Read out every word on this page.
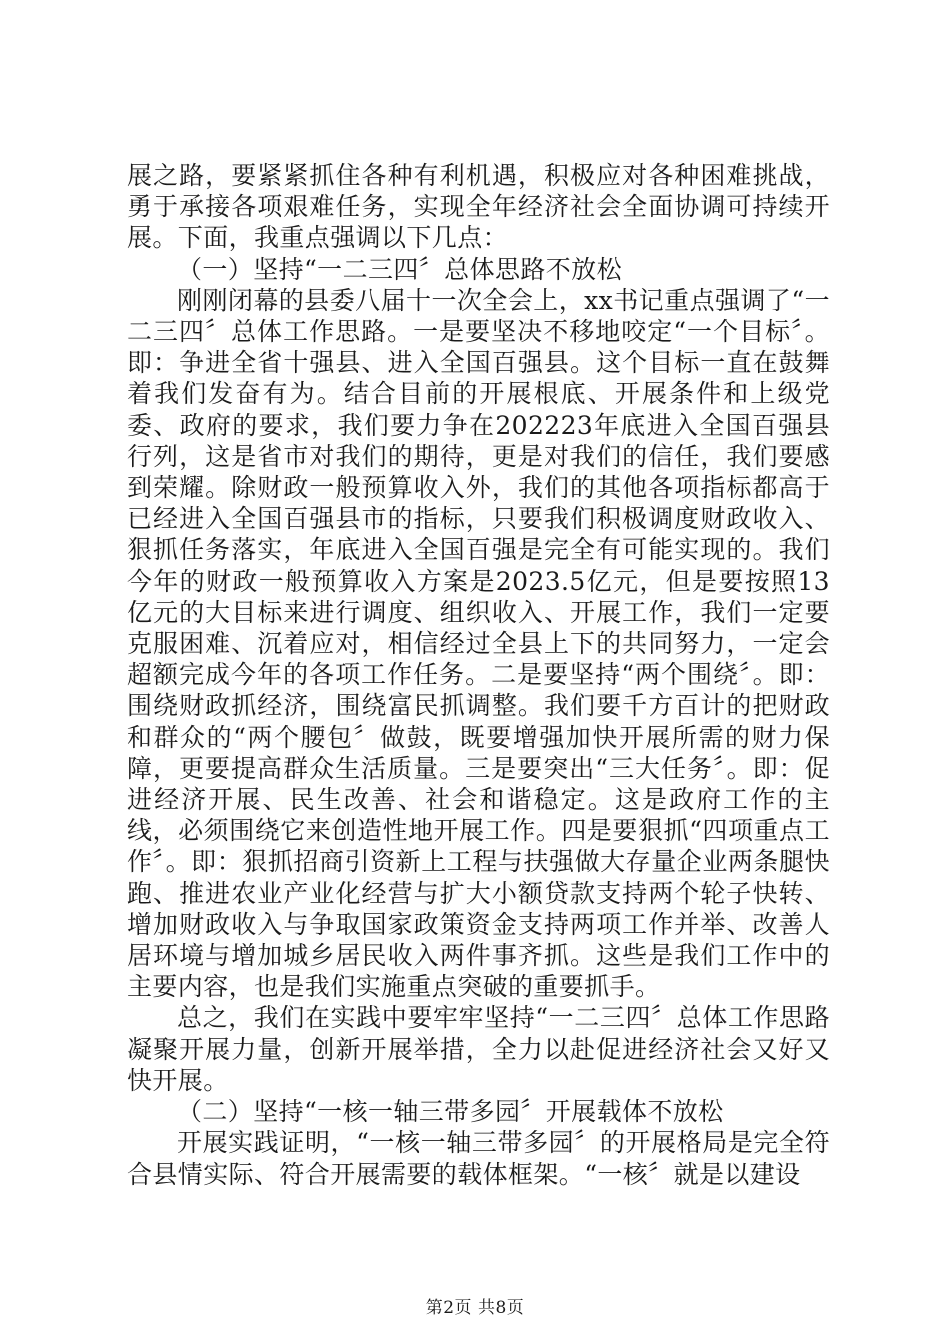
展之路，要紧紧抓住各种有利机遇，积极应对各种困难挑战，勇于承接各项艰难任务，实现全年经济社会全面协调可持续开展。下面，我重点强调以下几点：

（一）坚持“一二三四〞总体思路不放松

刚刚闭幕的县委八届十一次全会上，xx书记重点强调了“一二三四〞总体工作思路。一是要坚决不移地咬定“一个目标〞。即：争进全省十强县、进入全国百强县。这个目标一直在鼓舞着我们发奋有为。结合目前的开展根底、开展条件和上级党委、政府的要求，我们要力争在202223年底进入全国百强县行列，这是省市对我们的期待，更是对我们的信任，我们要感到荣耀。除财政一般预算收入外，我们的其他各项指标都高于已经进入全国百强县市的指标，只要我们积极调度财政收入、狠抓任务落实，年底进入全国百强是完全有可能实现的。我们今年的财政一般预算收入方案是2023.5亿元，但是要按照13亿元的大目标来进行调度、组织收入、开展工作，我们一定要克服困难、沉着应对，相信经过全县上下的共同努力，一定会超额完成今年的各项工作任务。二是要坚持“两个围绕〞。即：围绕财政抓经济，围绕富民抓调整。我们要千方百计的把财政和群众的“两个腰包〞做鼓，既要增强加快开展所需的财力保障，更要提高群众生活质量。三是要突出“三大任务〞。即：促进经济开展、民生改善、社会和谐稳定。这是政府工作的主线，必须围绕它来创造性地开展工作。四是要狠抓“四项重点工作〞。即：狠抓招商引资新上工程与扶强做大存量企业两条腿快跑、推进农业产业化经营与扩大小额贷款支持两个轮子快转、增加财政收入与争取国家政策资金支持两项工作并举、改善人居环境与增加城乡居民收入两件事齐抓。这些是我们工作中的主要内容，也是我们实施重点突破的重要抓手。

总之，我们在实践中要牢牢坚持“一二三四〞总体工作思路凝聚开展力量，创新开展举措，全力以赴促进经济社会又好又快开展。

（二）坚持“一核一轴三带多园〞开展载体不放松

开展实践证明，“一核一轴三带多园〞的开展格局是完全符合县情实际、符合开展需要的载体框架。“一核〞就是以建设

第2页 共8页
